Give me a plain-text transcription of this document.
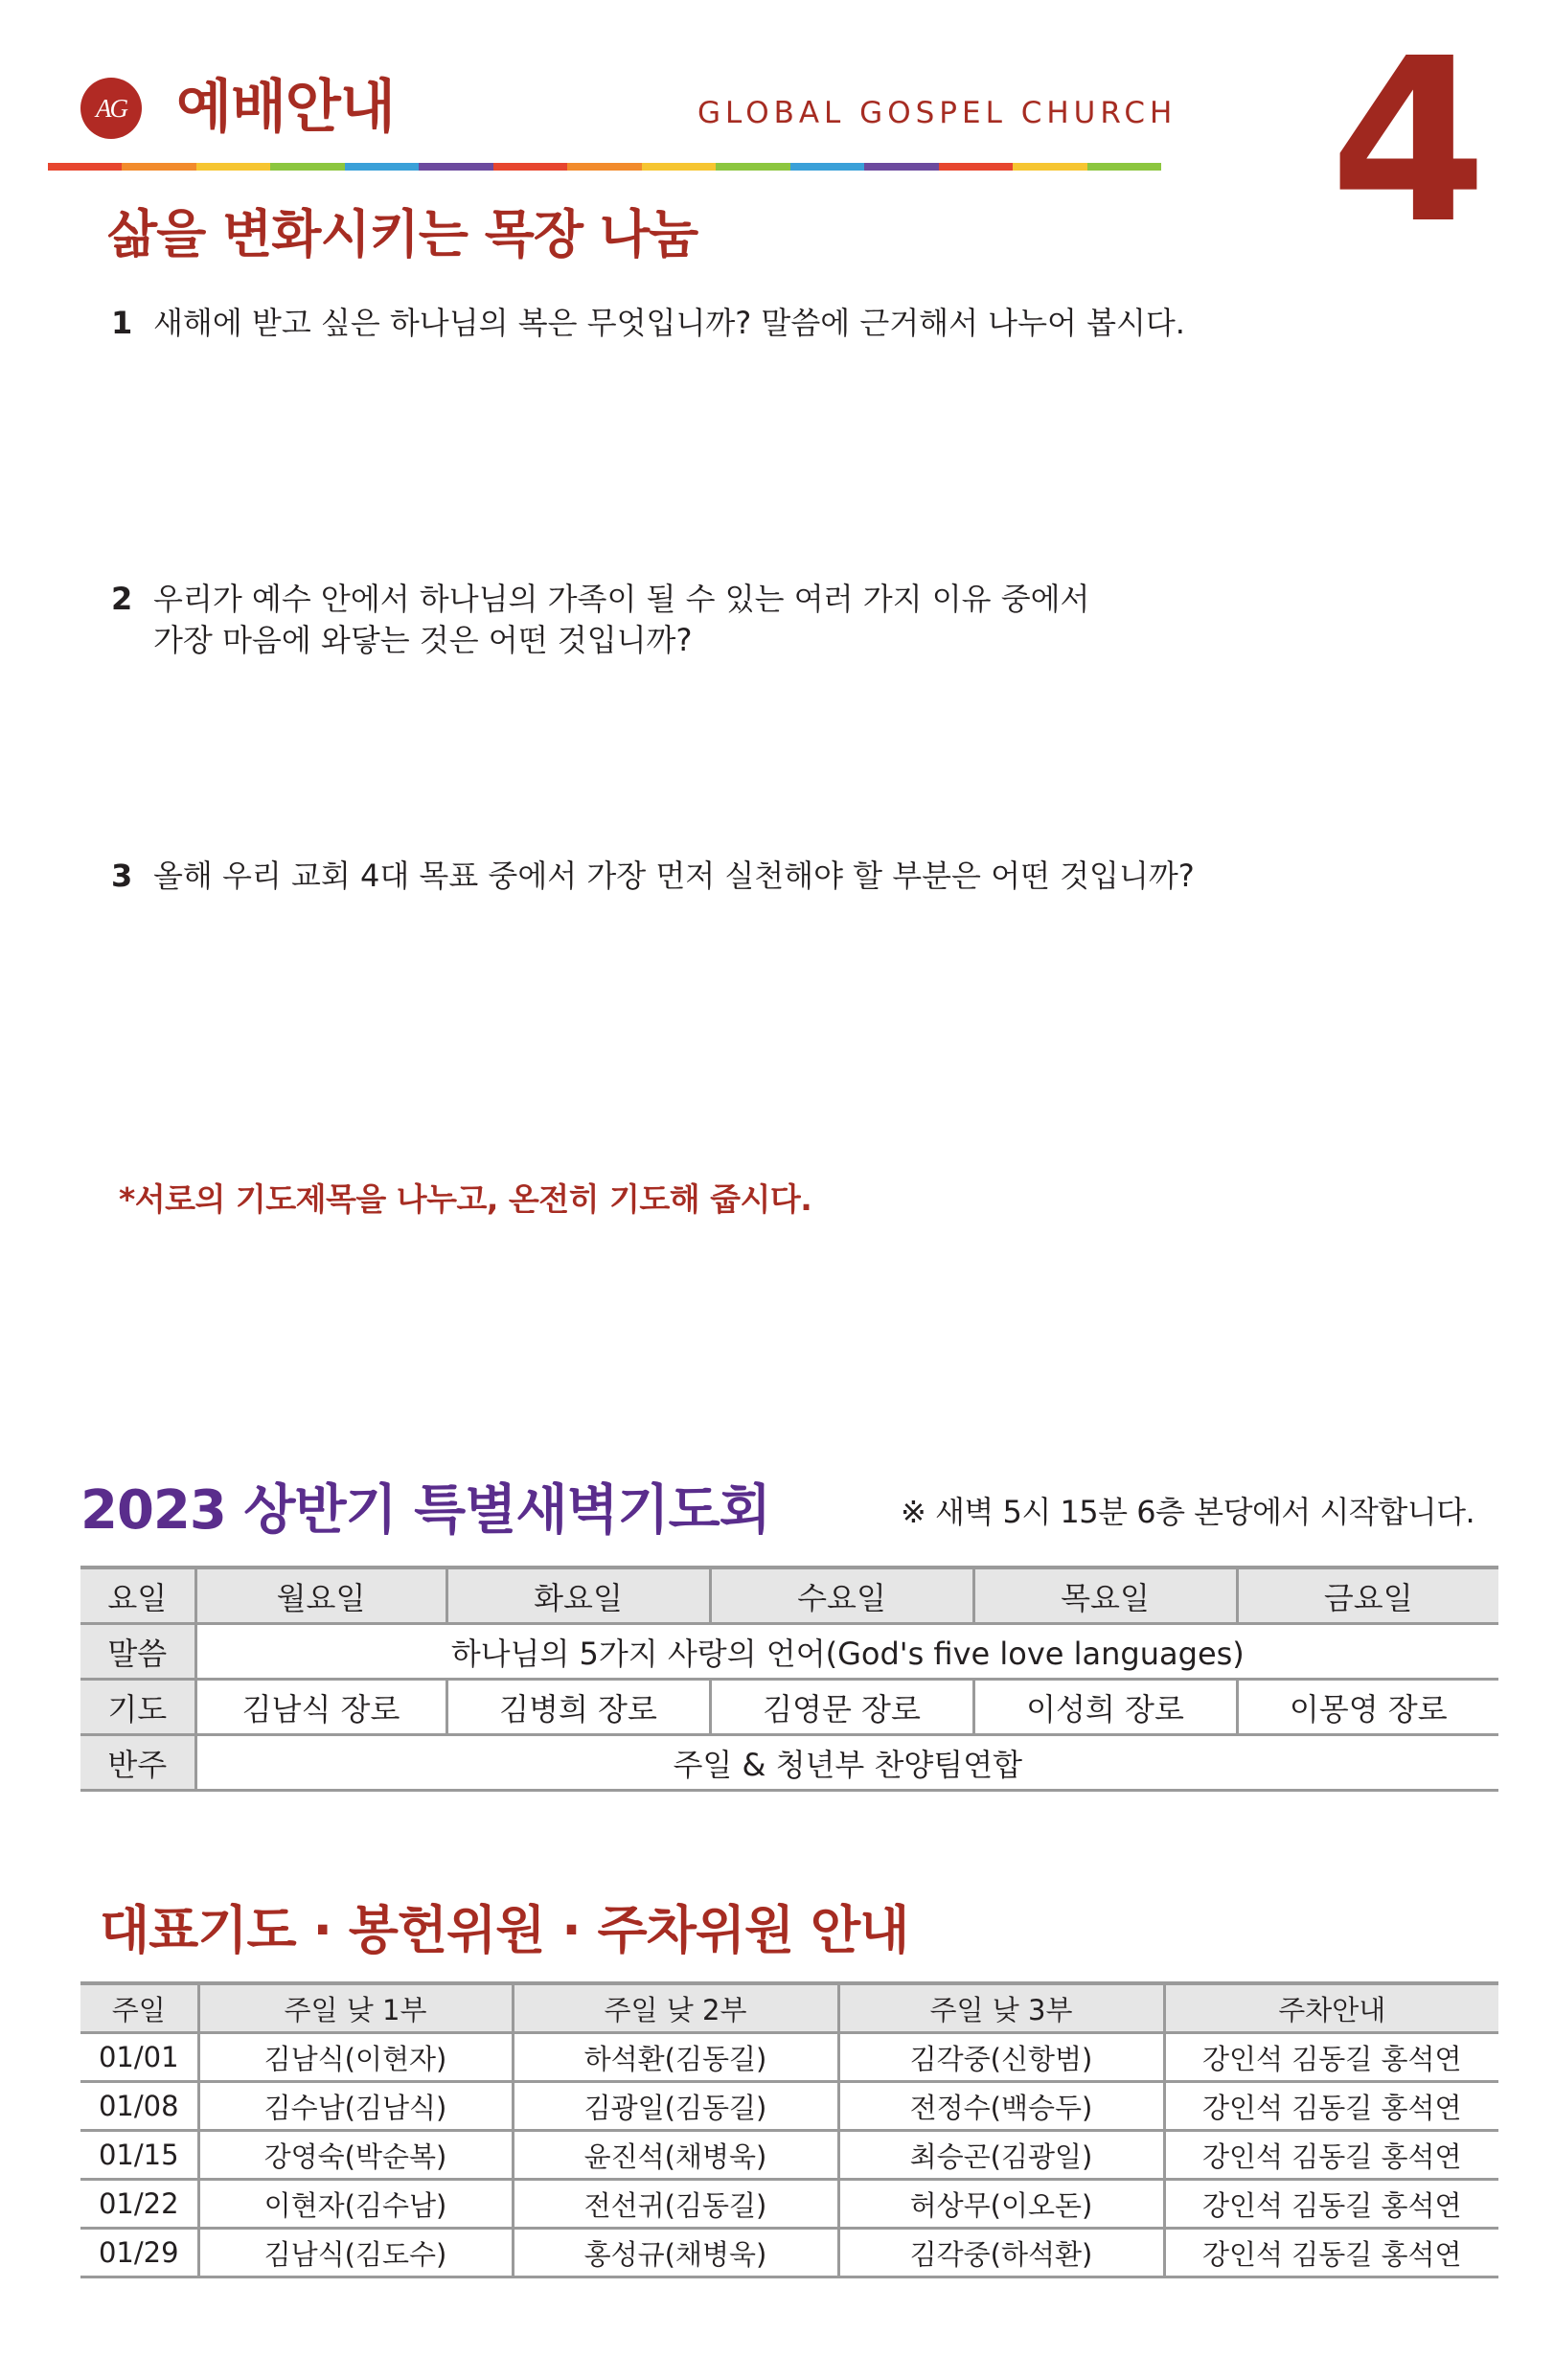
AG 예배안내	GLOBAL GOSPEL CHURCH 4
삶을 변화시키는 목장 나눔
1 새해에 받고 싶은 하나님의 복은 무엇입니까? 말씀에 근거해서 나누어 봅시다.
2 우리가 예수 안에서 하나님의 가족이 될 수 있는 여러 가지 이유 중에서
가장 마음에 와닿는 것은 어떤 것입니까?
3 올해 우리 교회 4대 목표 중에서 가장 먼저 실천해야 할 부분은 어떤 것입니까?
*서로의 기도제목을 나누고, 온전히 기도해 줍시다.
2023 상반기 특별새벽기도회	※ 새벽 5시 15분 6층 본당에서 시작합니다.
요일	월요일	화요일	수요일	목요일	금요일
말씀	하나님의 5가지 사랑의 언어(God's five love languages)				
기도	김남식 장로	김병희 장로	김영문 장로	이성희 장로	이몽영 장로
반주	주일 & 청년부 찬양팀연합				
대표기도 · 봉헌위원 · 주차위원 안내
주일	주일 낮 1부	주일 낮 2부	주일 낮 3부	주차안내
01/01	김남식(이현자)	하석환(김동길)	김각중(신항범)	강인석 김동길 홍석연
01/08	김수남(김남식)	김광일(김동길)	전정수(백승두)	강인석 김동길 홍석연
01/15	강영숙(박순복)	윤진석(채병욱)	최승곤(김광일)	강인석 김동길 홍석연
01/22	이현자(김수남)	전선귀(김동길)	허상무(이오돈)	강인석 김동길 홍석연
01/29	김남식(김도수)	홍성규(채병욱)	김각중(하석환)	강인석 김동길 홍석연
